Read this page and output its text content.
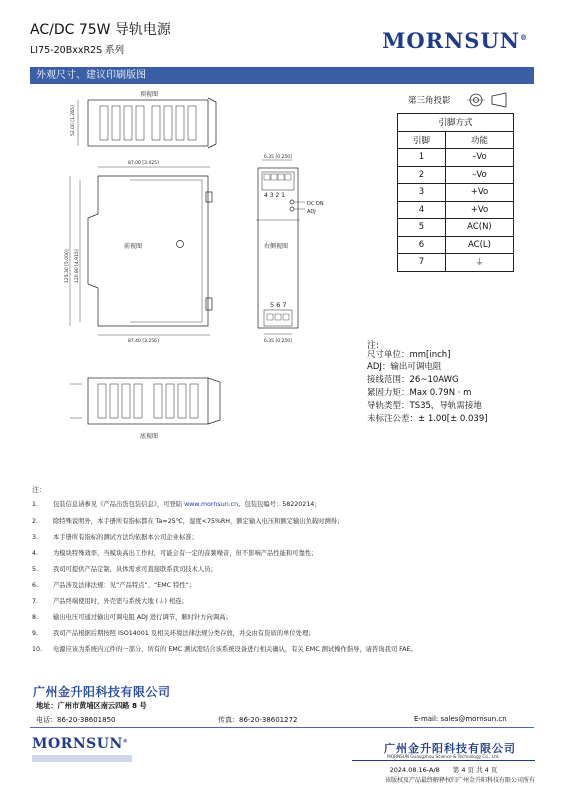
AC/DC 75W 导轨电源
LI75-20BxxR2S 系列	MORNSUN®
外观尺寸、建议印刷版图
顶视图
52.00 [1.265]
87.00 [3.425]
前视图
125.30 [5.000] 120.80 [4.915]
87.40 [3.256]
6.35 [0.250]
4 3 2 1
DC ON
ADJ
右侧视图
5 6 7
6.35 [0.250]
底视图
第三角投影
引脚方式	
引脚	功能
1	–Vo
2	–Vo
3	+Vo
4	+Vo
5	AC(N)
6	AC(L)
7	⏚
注:
尺寸单位：mm[inch]
ADJ：输出可调电阻
接线范围：26~10AWG
紧固力矩：Max 0.79N · m
导轨类型：TS35，导轨需接地
未标注公差：± 1.00[± 0.039]
注：
1. 包装信息请参见《产品出货包装信息》，可登陆 www.mornsun.cn。包装包编号：58220214；
2. 除特殊说明外，本手册所有指标都在 Ta=25℃，湿度<75%RH，额定输入电压和额定输出负载时测得；
3. 本手册所有指标的测试方法均依据本公司企业标准；
4. 为模块特殊效率，当模块高出工作时，可能会有一定的音频噪音，但不影响产品性能和可靠性；
5. 我司可提供产品定制，具体需求可直接联系我司技术人员；
6. 产品涉及法律法规：见“产品特点”、“EMC 特性”；
7. 产品终端使用时，外壳需与系统大地 (⏚) 相连；
8. 输出电压可通过输出可调电阻 ADJ 进行调节，顺时针方向调高；
9. 我司产品根据后期按照 ISO14001 及相关环境法律法规分类存放，并交由有资质的单位处理；
10. 电源应该为系统内元件的一部分，所有的 EMC 测试需结合该系统设备进行相关确认，有关 EMC 测试操作指导，请咨询我司 FAE。
广州金升阳科技有限公司
地址：广州市黄埔区南云四路 8 号
电话：86-20-38601850	传真：86-20-38601272	E-mail: sales@mornsun.cn
MORNSUN®
广州金升阳科技有限公司
MORNSUN Guangzhou Science & Technology Co., Ltd.
2024.08.16-A/8　　第 4 页 共 4 页
该版权及产品最终解释权归广州金升阳科技有限公司所有
